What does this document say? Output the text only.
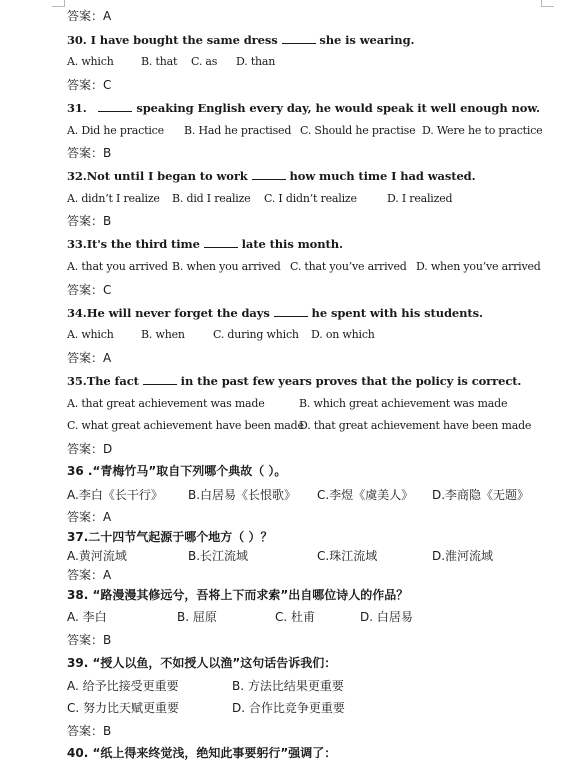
答案：A
30. I have bought the same dress	she is wearing.
A. which B. that C. as D. than
答案：C
31.	speaking English every day, he would speak it well enough now.
A. Did he practice B. Had he practised C. Should he practise D. Were he to practice
答案：B
32.Not until I began to work	how much time I had wasted.
A. didn’t I realize B. did I realize C. I didn’t realize	D. I realized
答案：B
33.It's the third time	late this month.
A. that you arrived B. when you arrived C. that you’ve arrived D. when you’ve arrived
答案：C
34.He will never forget the days	he spent with his students.
A. which B. when	C. during which D. on which
答案：A
35.The fact	in the past few years proves that the policy is correct.
A. that great achievement was made	B. which great achievement was made
C. what great achievement have been made
D. that great achievement have been made
答案：D
36 .“青梅竹马”取自下列哪个典故（ ）。
A.李白《长干行》 B.白居易《长恨歌》 C.李煜《虞美人》 D.李商隐《无题》
答案：A
37.二十四节气起源于哪个地方（ ）？
A.黄河流域	B.长江流域	C.珠江流域	D.淮河流域
答案：A
38. “路漫漫其修远兮，吾将上下而求索”出自哪位诗人的作品？
A. 李白	B. 屈原	C. 杜甫	D. 白居易
答案：B
39. “授人以鱼，不如授人以渔”这句话告诉我们：
A. 给予比接受更重要	B. 方法比结果更重要
C. 努力比天赋更重要	D. 合作比竞争更重要
答案：B
40. “纸上得来终觉浅，绝知此事要躬行”强调了：
